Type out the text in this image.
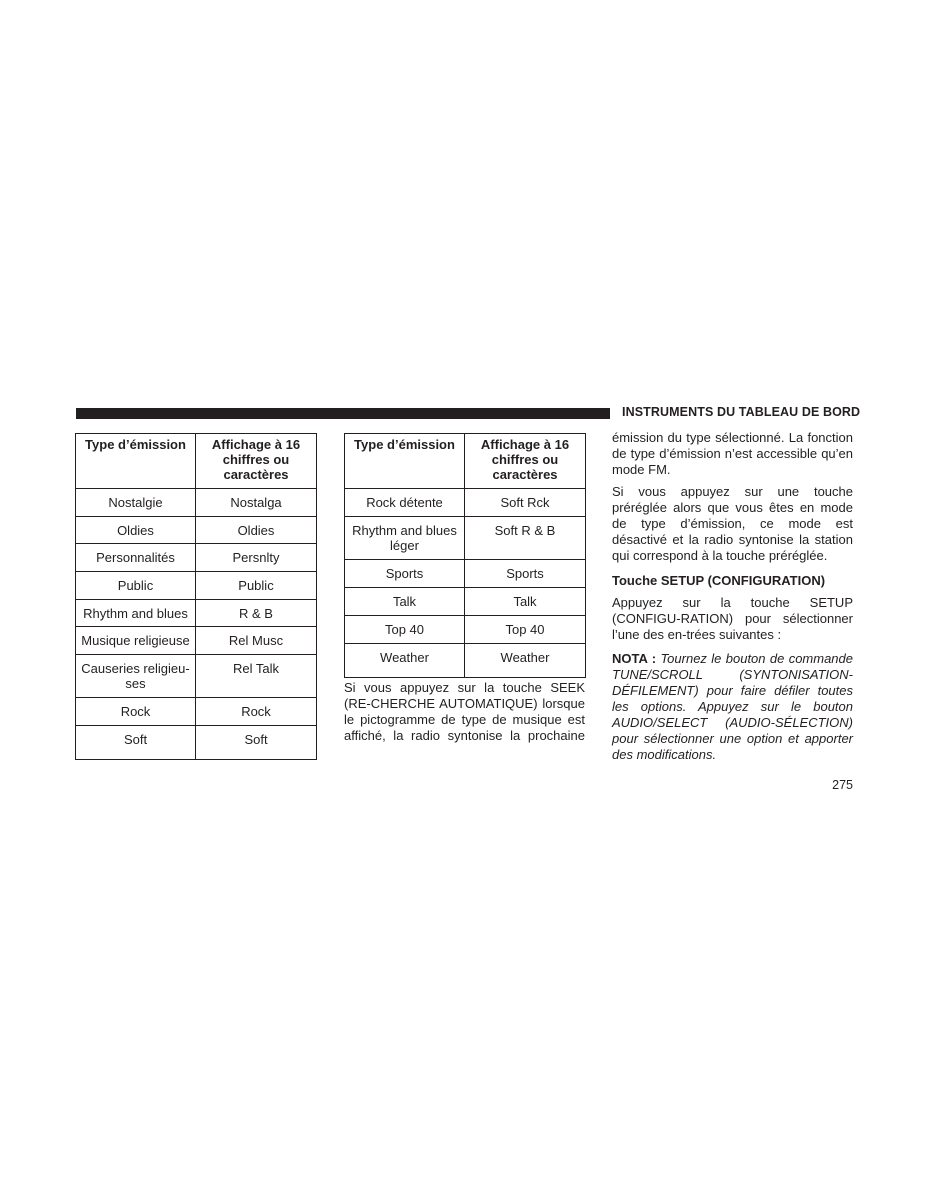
INSTRUMENTS DU TABLEAU DE BORD
Type d’émission	Affichage à 16 chiffres ou caractères
Nostalgie	Nostalga
Oldies	Oldies
Personnalités	Persnlty
Public	Public
Rhythm and blues	R & B
Musique religieuse	Rel Musc
Causeries religieu-ses	Rel Talk
Rock	Rock
Soft	Soft
Type d’émission	Affichage à 16 chiffres ou caractères
Rock détente	Soft Rck
Rhythm and blues léger	Soft R & B
Sports	Sports
Talk	Talk
Top 40	Top 40
Weather	Weather

Si vous appuyez sur la touche SEEK (RE-CHERCHE AUTOMATIQUE) lorsque le pictogramme de type de musique est affiché, la radio syntonise la prochaine

émission du type sélectionné. La fonction de type d’émission n’est accessible qu’en mode FM.

Si vous appuyez sur une touche préréglée alors que vous êtes en mode de type d’émission, ce mode est désactivé et la radio syntonise la station qui correspond à la touche préréglée.

Touche SETUP (CONFIGURATION)

Appuyez sur la touche SETUP (CONFIGU-RATION) pour sélectionner l’une des en-trées suivantes :

NOTA : Tournez le bouton de commande TUNE/SCROLL (SYNTONISATION-DÉFILEMENT) pour faire défiler toutes les options. Appuyez sur le bouton AUDIO/SELECT (AUDIO-SÉLECTION) pour sélectionner une option et apporter des modifications.

275
